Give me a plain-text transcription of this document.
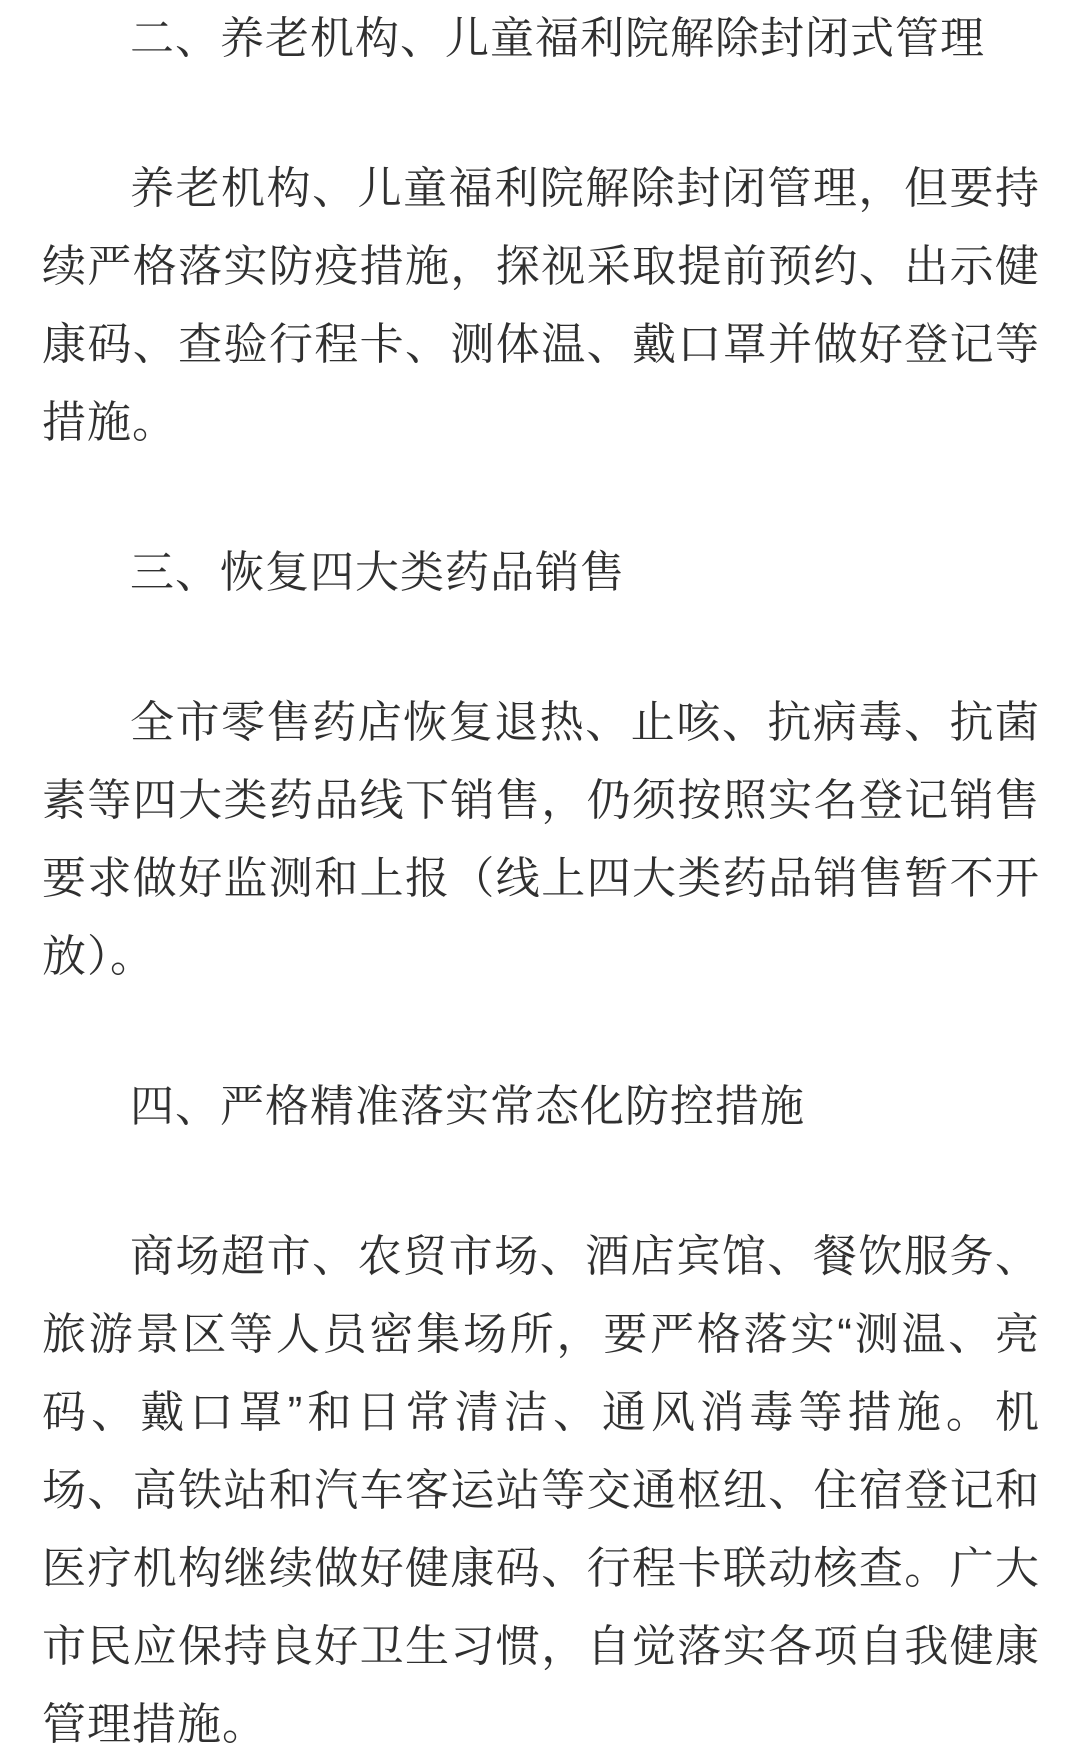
二、养老机构、儿童福利院解除封闭式管理

养老机构、儿童福利院解除封闭管理，但要持续严格落实防疫措施，探视采取提前预约、出示健康码、查验行程卡、测体温、戴口罩并做好登记等措施。

三、恢复四大类药品销售

全市零售药店恢复退热、止咳、抗病毒、抗菌素等四大类药品线下销售，仍须按照实名登记销售要求做好监测和上报（线上四大类药品销售暂不开放）。

四、严格精准落实常态化防控措施

商场超市、农贸市场、酒店宾馆、餐饮服务、旅游景区等人员密集场所，要严格落实“测温、亮码、戴口罩”和日常清洁、通风消毒等措施。机场、高铁站和汽车客运站等交通枢纽、住宿登记和医疗机构继续做好健康码、行程卡联动核查。广大市民应保持良好卫生习惯，自觉落实各项自我健康管理措施。
